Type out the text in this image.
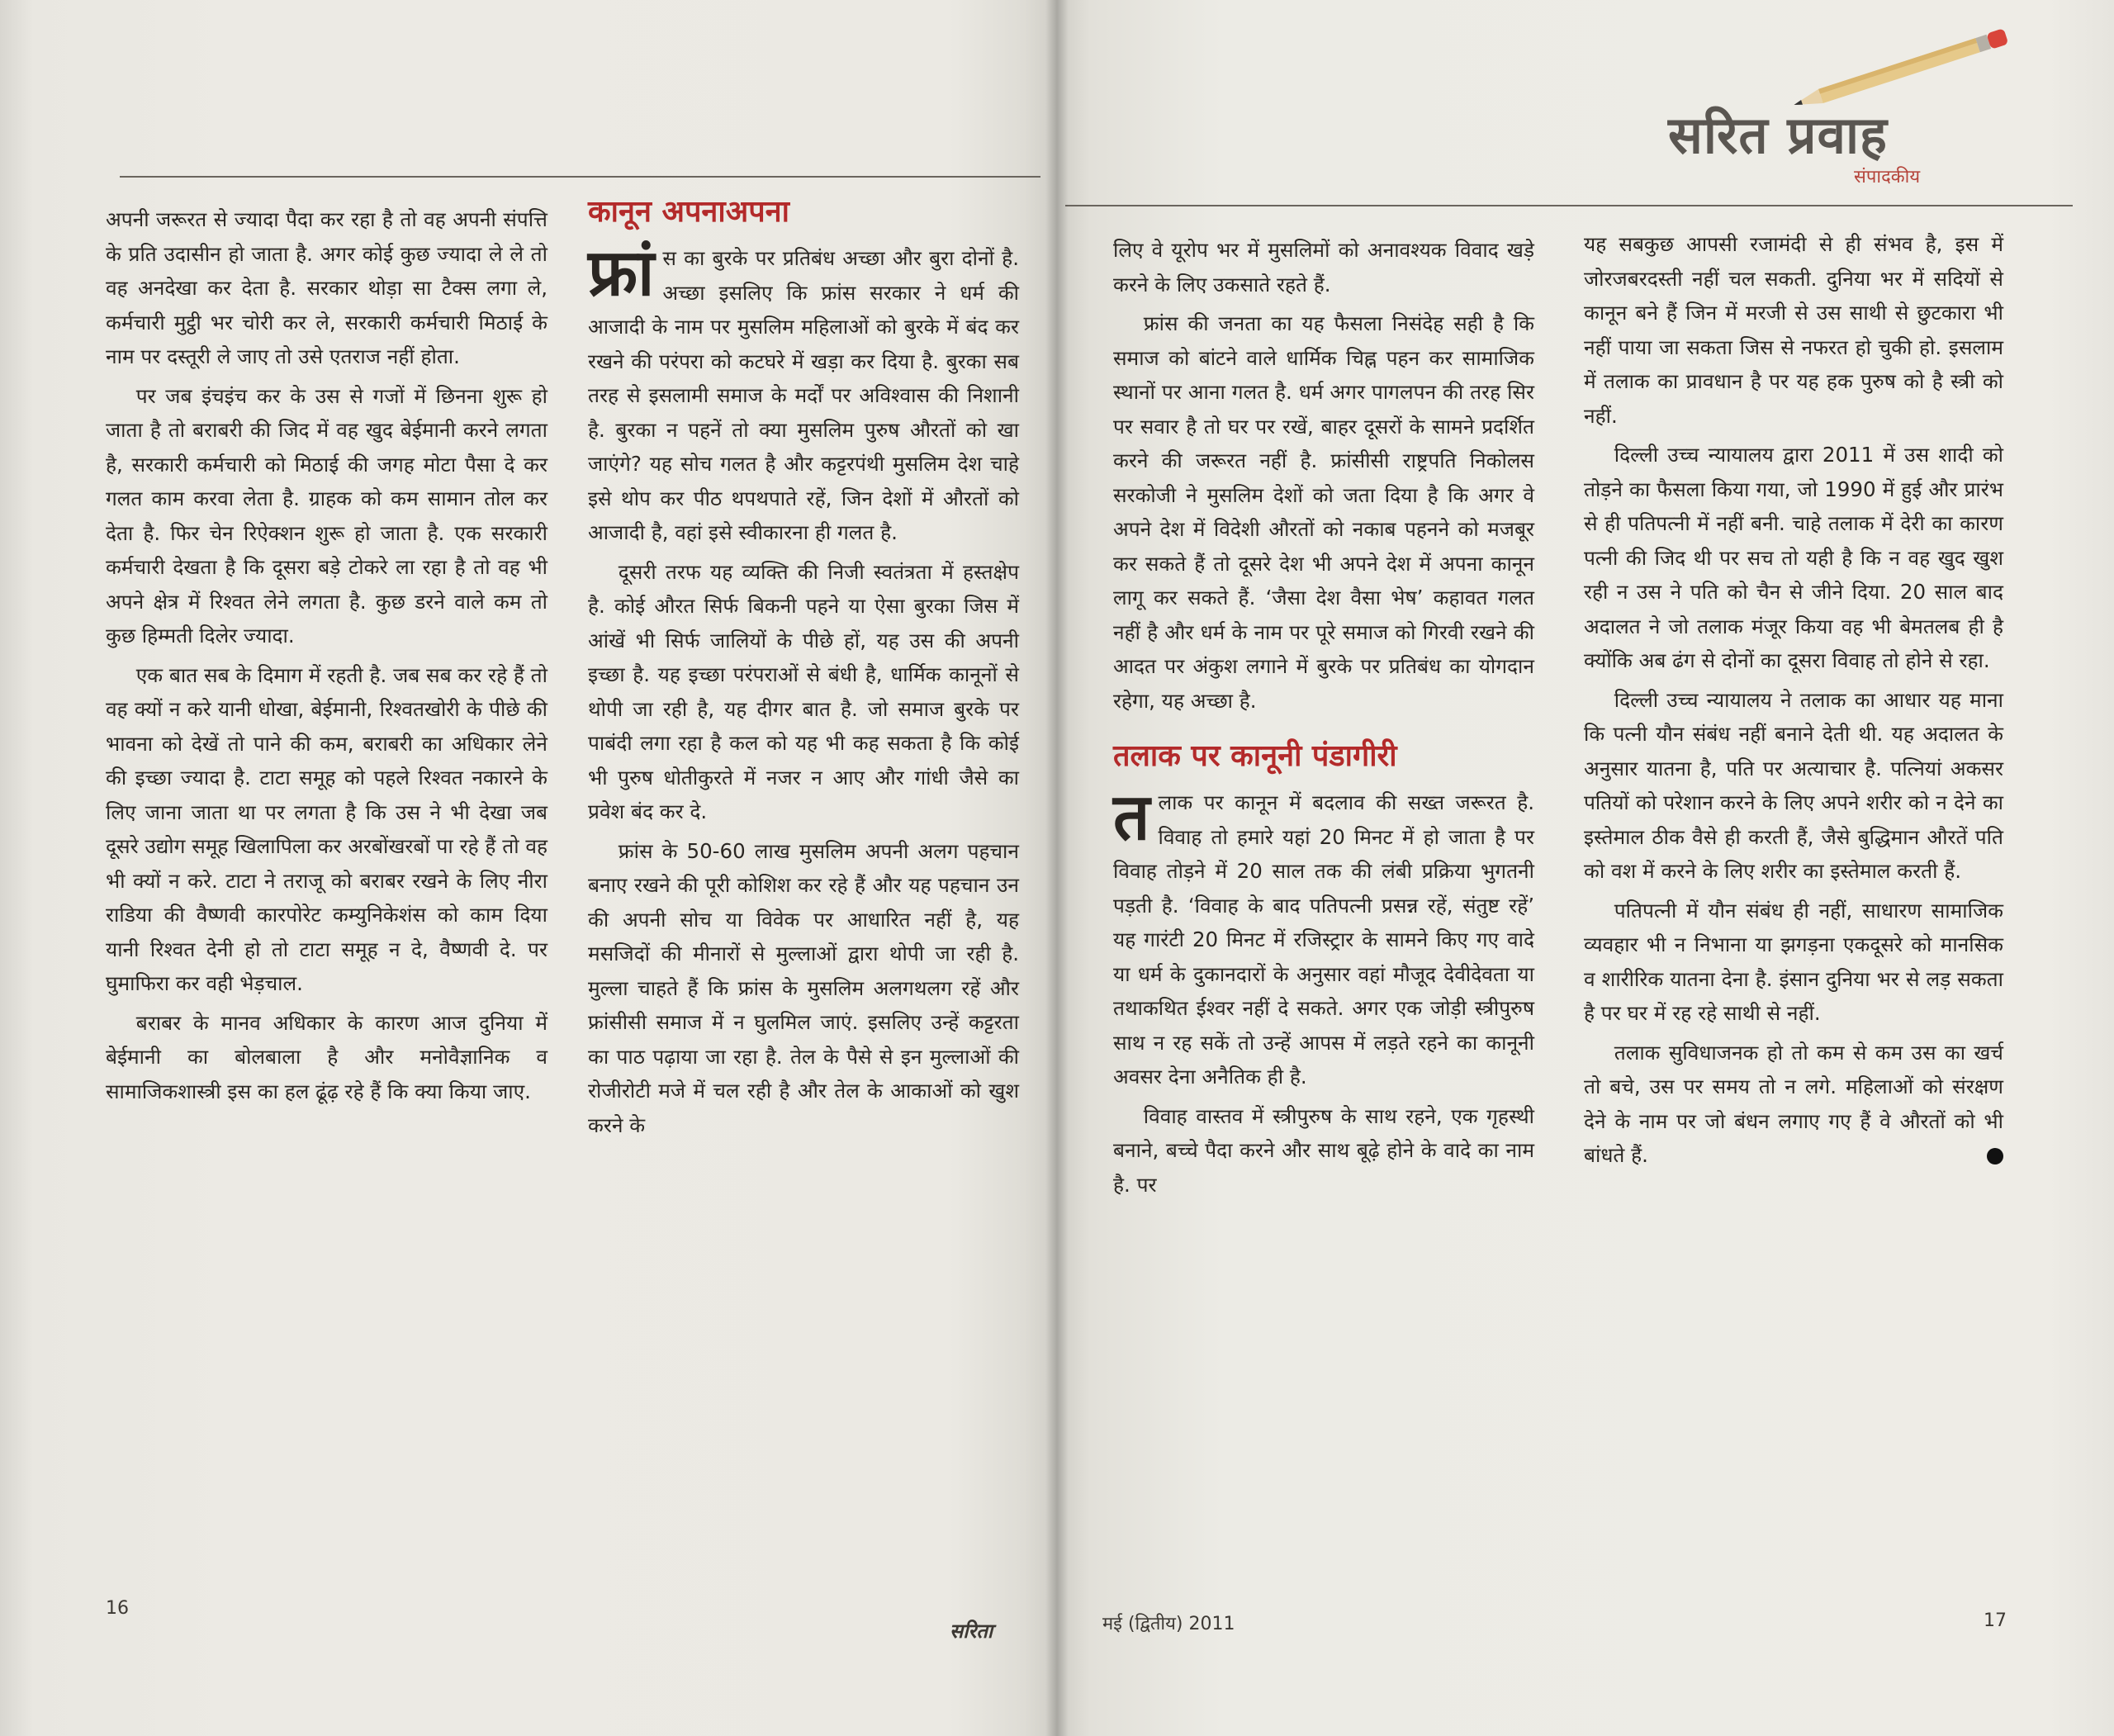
अपनी जरूरत से ज्यादा पैदा कर रहा है तो वह अपनी संपत्ति के प्रति उदासीन हो जाता है. अगर कोई कुछ ज्यादा ले ले तो वह अनदेखा कर देता है. सरकार थोड़ा सा टैक्स लगा ले, कर्मचारी मुट्ठी भर चोरी कर ले, सरकारी कर्मचारी मिठाई के नाम पर दस्तूरी ले जाए तो उसे एतराज नहीं होता.

पर जब इंचइंच कर के उस से गजों में छिनना शुरू हो जाता है तो बराबरी की जिद में वह खुद बेईमानी करने लगता है, सरकारी कर्मचारी को मिठाई की जगह मोटा पैसा दे कर गलत काम करवा लेता है. ग्राहक को कम सामान तोल कर देता है. फिर चेन रिऐक्शन शुरू हो जाता है. एक सरकारी कर्मचारी देखता है कि दूसरा बड़े टोकरे ला रहा है तो वह भी अपने क्षेत्र में रिश्वत लेने लगता है. कुछ डरने वाले कम तो कुछ हिम्मती दिलेर ज्यादा.

एक बात सब के दिमाग में रहती है. जब सब कर रहे हैं तो वह क्यों न करे यानी धोखा, बेईमानी, रिश्वतखोरी के पीछे की भावना को देखें तो पाने की कम, बराबरी का अधिकार लेने की इच्छा ज्यादा है. टाटा समूह को पहले रिश्वत नकारने के लिए जाना जाता था पर लगता है कि उस ने भी देखा जब दूसरे उद्योग समूह खिलापिला कर अरबोंखरबों पा रहे हैं तो वह भी क्यों न करे. टाटा ने तराजू को बराबर रखने के लिए नीरा राडिया की वैष्णवी कारपोरेट कम्युनिकेशंस को काम दिया यानी रिश्वत देनी हो तो टाटा समूह न दे, वैष्णवी दे. पर घुमाफिरा कर वही भेड़चाल.

बराबर के मानव अधिकार के कारण आज दुनिया में बेईमानी का बोलबाला है और मनोवैज्ञानिक व सामाजिकशास्त्री इस का हल ढूंढ़ रहे हैं कि क्या किया जाए.

कानून अपनाअपना

फ्रां स का बुरके पर प्रतिबंध अच्छा और बुरा दोनों है. अच्छा इसलिए कि फ्रांस सरकार ने धर्म की आजादी के नाम पर मुसलिम महिलाओं को बुरके में बंद कर रखने की परंपरा को कटघरे में खड़ा कर दिया है. बुरका सब तरह से इसलामी समाज के मर्दों पर अविश्वास की निशानी है. बुरका न पहनें तो क्या मुसलिम पुरुष औरतों को खा जाएंगे? यह सोच गलत है और कट्टरपंथी मुसलिम देश चाहे इसे थोप कर पीठ थपथपाते रहें, जिन देशों में औरतों को आजादी है, वहां इसे स्वीकारना ही गलत है.

दूसरी तरफ यह व्यक्ति की निजी स्वतंत्रता में हस्तक्षेप है. कोई औरत सिर्फ बिकनी पहने या ऐसा बुरका जिस में आंखें भी सिर्फ जालियों के पीछे हों, यह उस की अपनी इच्छा है. यह इच्छा परंपराओं से बंधी है, धार्मिक कानूनों से थोपी जा रही है, यह दीगर बात है. जो समाज बुरके पर पाबंदी लगा रहा है कल को यह भी कह सकता है कि कोई भी पुरुष धोतीकुरते में नजर न आए और गांधी जैसे का प्रवेश बंद कर दे.

फ्रांस के 50-60 लाख मुसलिम अपनी अलग पहचान बनाए रखने की पूरी कोशिश कर रहे हैं और यह पहचान उन की अपनी सोच या विवेक पर आधारित नहीं है, यह मसजिदों की मीनारों से मुल्लाओं द्वारा थोपी जा रही है. मुल्ला चाहते हैं कि फ्रांस के मुसलिम अलगथलग रहें और फ्रांसीसी समाज में न घुलमिल जाएं. इसलिए उन्हें कट्टरता का पाठ पढ़ाया जा रहा है. तेल के पैसे से इन मुल्लाओं की रोजीरोटी मजे में चल रही है और तेल के आकाओं को खुश करने के

16
सरिता
सरित प्रवाह
संपादकीय

लिए वे यूरोप भर में मुसलिमों को अनावश्यक विवाद खड़े करने के लिए उकसाते रहते हैं.

फ्रांस की जनता का यह फैसला निसंदेह सही है कि समाज को बांटने वाले धार्मिक चिह्न पहन कर सामाजिक स्थानों पर आना गलत है. धर्म अगर पागलपन की तरह सिर पर सवार है तो घर पर रखें, बाहर दूसरों के सामने प्रदर्शित करने की जरूरत नहीं है. फ्रांसीसी राष्ट्रपति निकोलस सरकोजी ने मुसलिम देशों को जता दिया है कि अगर वे अपने देश में विदेशी औरतों को नकाब पहनने को मजबूर कर सकते हैं तो दूसरे देश भी अपने देश में अपना कानून लागू कर सकते हैं. ‘जैसा देश वैसा भेष’ कहावत गलत नहीं है और धर्म के नाम पर पूरे समाज को गिरवी रखने की आदत पर अंकुश लगाने में बुरके पर प्रतिबंध का योगदान रहेगा, यह अच्छा है.

तलाक पर कानूनी पंडागीरी

तलाक पर कानून में बदलाव की सख्त जरूरत है. विवाह तो हमारे यहां 20 मिनट में हो जाता है पर विवाह तोड़ने में 20 साल तक की लंबी प्रक्रिया भुगतनी पड़ती है. ‘विवाह के बाद पतिपत्नी प्रसन्न रहें, संतुष्ट रहें’ यह गारंटी 20 मिनट में रजिस्ट्रार के सामने किए गए वादे या धर्म के दुकानदारों के अनुसार वहां मौजूद देवीदेवता या तथाकथित ईश्वर नहीं दे सकते. अगर एक जोड़ी स्त्रीपुरुष साथ न रह सकें तो उन्हें आपस में लड़ते रहने का कानूनी अवसर देना अनैतिक ही है.

विवाह वास्तव में स्त्रीपुरुष के साथ रहने, एक गृहस्थी बनाने, बच्चे पैदा करने और साथ बूढ़े होने के वादे का नाम है. पर

यह सबकुछ आपसी रजामंदी से ही संभव है, इस में जोरजबरदस्ती नहीं चल सकती. दुनिया भर में सदियों से कानून बने हैं जिन में मरजी से उस साथी से छुटकारा भी नहीं पाया जा सकता जिस से नफरत हो चुकी हो. इसलाम में तलाक का प्रावधान है पर यह हक पुरुष को है स्त्री को नहीं.

दिल्ली उच्च न्यायालय द्वारा 2011 में उस शादी को तोड़ने का फैसला किया गया, जो 1990 में हुई और प्रारंभ से ही पतिपत्नी में नहीं बनी. चाहे तलाक में देरी का कारण पत्नी की जिद थी पर सच तो यही है कि न वह खुद खुश रही न उस ने पति को चैन से जीने दिया. 20 साल बाद अदालत ने जो तलाक मंजूर किया वह भी बेमतलब ही है क्योंकि अब ढंग से दोनों का दूसरा विवाह तो होने से रहा.

दिल्ली उच्च न्यायालय ने तलाक का आधार यह माना कि पत्नी यौन संबंध नहीं बनाने देती थी. यह अदालत के अनुसार यातना है, पति पर अत्याचार है. पत्नियां अकसर पतियों को परेशान करने के लिए अपने शरीर को न देने का इस्तेमाल ठीक वैसे ही करती हैं, जैसे बुद्धिमान औरतें पति को वश में करने के लिए शरीर का इस्तेमाल करती हैं.

पतिपत्नी में यौन संबंध ही नहीं, साधारण सामाजिक व्यवहार भी न निभाना या झगड़ना एकदूसरे को मानसिक व शारीरिक यातना देना है. इंसान दुनिया भर से लड़ सकता है पर घर में रह रहे साथी से नहीं.

तलाक सुविधाजनक हो तो कम से कम उस का खर्च तो बचे, उस पर समय तो न लगे. महिलाओं को संरक्षण देने के नाम पर जो बंधन लगाए गए हैं वे औरतों को भी बांधते हैं.

मई (द्वितीय) 2011	17
